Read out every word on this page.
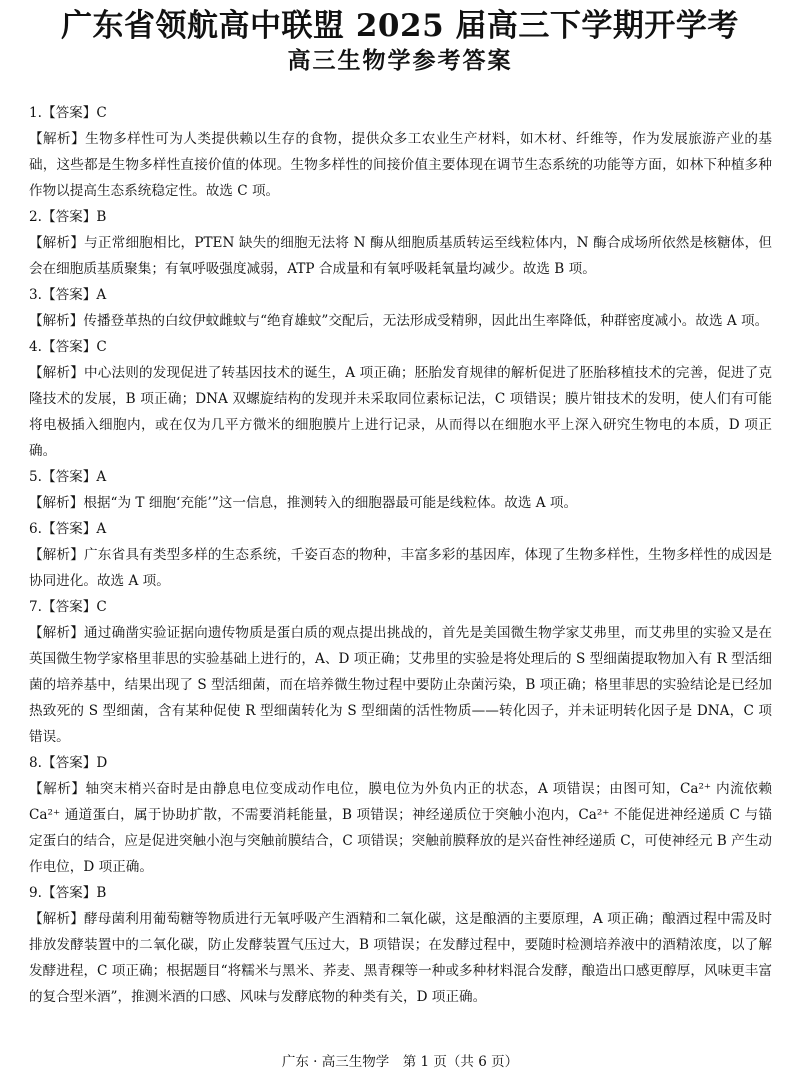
广东省领航高中联盟 2025 届高三下学期开学考
高三生物学参考答案
1.【答案】C
【解析】生物多样性可为人类提供赖以生存的食物，提供众多工农业生产材料，如木材、纤维等，作为发展旅游产业的基础，这些都是生物多样性直接价值的体现。生物多样性的间接价值主要体现在调节生态系统的功能等方面，如林下种植多种作物以提高生态系统稳定性。故选 C 项。
2.【答案】B
【解析】与正常细胞相比，PTEN 缺失的细胞无法将 N 酶从细胞质基质转运至线粒体内，N 酶合成场所依然是核糖体，但会在细胞质基质聚集；有氧呼吸强度减弱，ATP 合成量和有氧呼吸耗氧量均减少。故选 B 项。
3.【答案】A
【解析】传播登革热的白纹伊蚊雌蚊与“绝育雄蚊”交配后，无法形成受精卵，因此出生率降低，种群密度减小。故选 A 项。
4.【答案】C
【解析】中心法则的发现促进了转基因技术的诞生，A 项正确；胚胎发育规律的解析促进了胚胎移植技术的完善，促进了克隆技术的发展，B 项正确；DNA 双螺旋结构的发现并未采取同位素标记法，C 项错误；膜片钳技术的发明，使人们有可能将电极插入细胞内，或在仅为几平方微米的细胞膜片上进行记录，从而得以在细胞水平上深入研究生物电的本质，D 项正确。
5.【答案】A
【解析】根据“为 T 细胞‘充能’”这一信息，推测转入的细胞器最可能是线粒体。故选 A 项。
6.【答案】A
【解析】广东省具有类型多样的生态系统，千姿百态的物种，丰富多彩的基因库，体现了生物多样性，生物多样性的成因是协同进化。故选 A 项。
7.【答案】C
【解析】通过确凿实验证据向遗传物质是蛋白质的观点提出挑战的，首先是美国微生物学家艾弗里，而艾弗里的实验又是在英国微生物学家格里菲思的实验基础上进行的，A、D 项正确；艾弗里的实验是将处理后的 S 型细菌提取物加入有 R 型活细菌的培养基中，结果出现了 S 型活细菌，而在培养微生物过程中要防止杂菌污染，B 项正确；格里菲思的实验结论是已经加热致死的 S 型细菌，含有某种促使 R 型细菌转化为 S 型细菌的活性物质——转化因子，并未证明转化因子是 DNA，C 项错误。
8.【答案】D
【解析】轴突末梢兴奋时是由静息电位变成动作电位，膜电位为外负内正的状态，A 项错误；由图可知，Ca²⁺ 内流依赖 Ca²⁺ 通道蛋白，属于协助扩散，不需要消耗能量，B 项错误；神经递质位于突触小泡内，Ca²⁺ 不能促进神经递质 C 与锚定蛋白的结合，应是促进突触小泡与突触前膜结合，C 项错误；突触前膜释放的是兴奋性神经递质 C，可使神经元 B 产生动作电位，D 项正确。
9.【答案】B
【解析】酵母菌利用葡萄糖等物质进行无氧呼吸产生酒精和二氧化碳，这是酿酒的主要原理，A 项正确；酿酒过程中需及时排放发酵装置中的二氧化碳，防止发酵装置气压过大，B 项错误；在发酵过程中，要随时检测培养液中的酒精浓度，以了解发酵进程，C 项正确；根据题目“将糯米与黑米、荞麦、黑青稞等一种或多种材料混合发酵，酿造出口感更醇厚，风味更丰富的复合型米酒”，推测米酒的口感、风味与发酵底物的种类有关，D 项正确。
广东 · 高三生物学　第 1 页（共 6 页）
